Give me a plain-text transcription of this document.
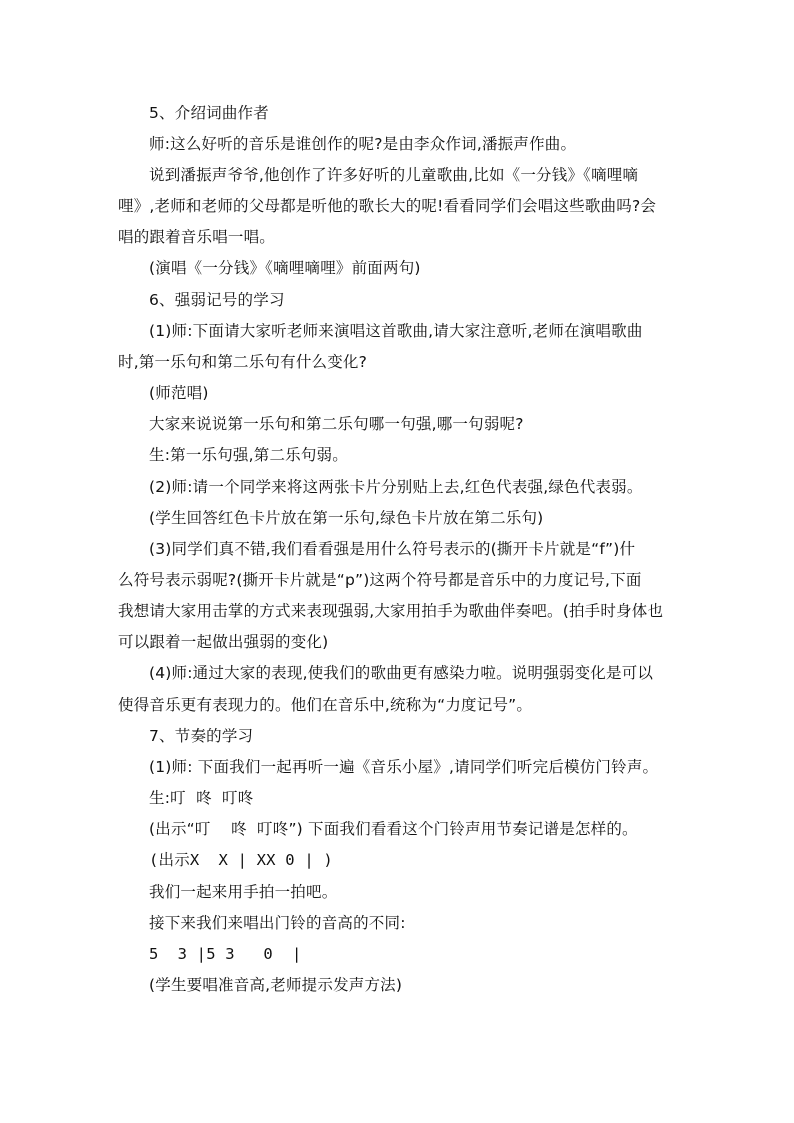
5、介绍词曲作者
师:这么好听的音乐是谁创作的呢?是由李众作词,潘振声作曲。
说到潘振声爷爷,他创作了许多好听的儿童歌曲,比如《一分钱》《嘀哩嘀
哩》,老师和老师的父母都是听他的歌长大的呢!看看同学们会唱这些歌曲吗?会
唱的跟着音乐唱一唱。
(演唱《一分钱》《嘀哩嘀哩》前面两句)
6、强弱记号的学习
(1)师:下面请大家听老师来演唱这首歌曲,请大家注意听,老师在演唱歌曲
时,第一乐句和第二乐句有什么变化?
(师范唱)
大家来说说第一乐句和第二乐句哪一句强,哪一句弱呢?
生:第一乐句强,第二乐句弱。
(2)师:请一个同学来将这两张卡片分别贴上去,红色代表强,绿色代表弱。
(学生回答红色卡片放在第一乐句,绿色卡片放在第二乐句)
(3)同学们真不错,我们看看强是用什么符号表示的(撕开卡片就是“f”)什
么符号表示弱呢?(撕开卡片就是“p”)这两个符号都是音乐中的力度记号,下面
我想请大家用击掌的方式来表现强弱,大家用拍手为歌曲伴奏吧。(拍手时身体也
可以跟着一起做出强弱的变化)
(4)师:通过大家的表现,使我们的歌曲更有感染力啦。说明强弱变化是可以
使得音乐更有表现力的。他们在音乐中,统称为“力度记号”。
7、节奏的学习
(1)师: 下面我们一起再听一遍《音乐小屋》,请同学们听完后模仿门铃声。
生:叮  咚  叮咚
(出示“叮    咚  叮咚”) 下面我们看看这个门铃声用节奏记谱是怎样的。
(出示X  X | XX 0 | )
我们一起来用手拍一拍吧。
接下来我们来唱出门铃的音高的不同:
5  3 |5 3   0  |
(学生要唱准音高,老师提示发声方法)
